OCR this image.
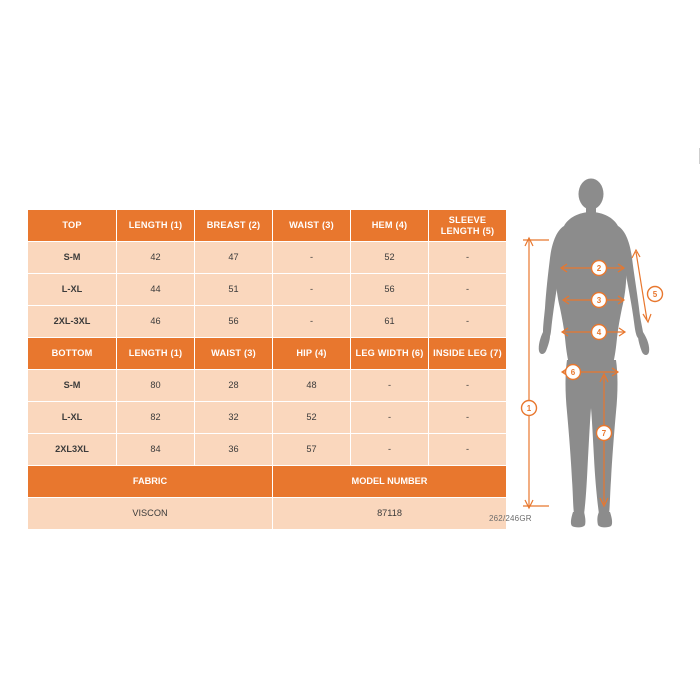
TOP	LENGTH (1)	BREAST (2)	WAIST (3)	HEM (4)	SLEEVE LENGTH (5)
S-M	42	47	-	52	-
L-XL	44	51	-	56	-
2XL-3XL	46	56	-	61	-
BOTTOM	LENGTH (1)	WAIST (3)	HIP (4)	LEG WIDTH (6)	INSIDE LEG (7)
S-M	80	28	48	-	-
L-XL	82	32	52	-	-
2XL3XL	84	36	57	-	-
FABRIC			MODEL NUMBER		
VISCON			87118		
1
2
3
4
5
6
7
262/246GR
